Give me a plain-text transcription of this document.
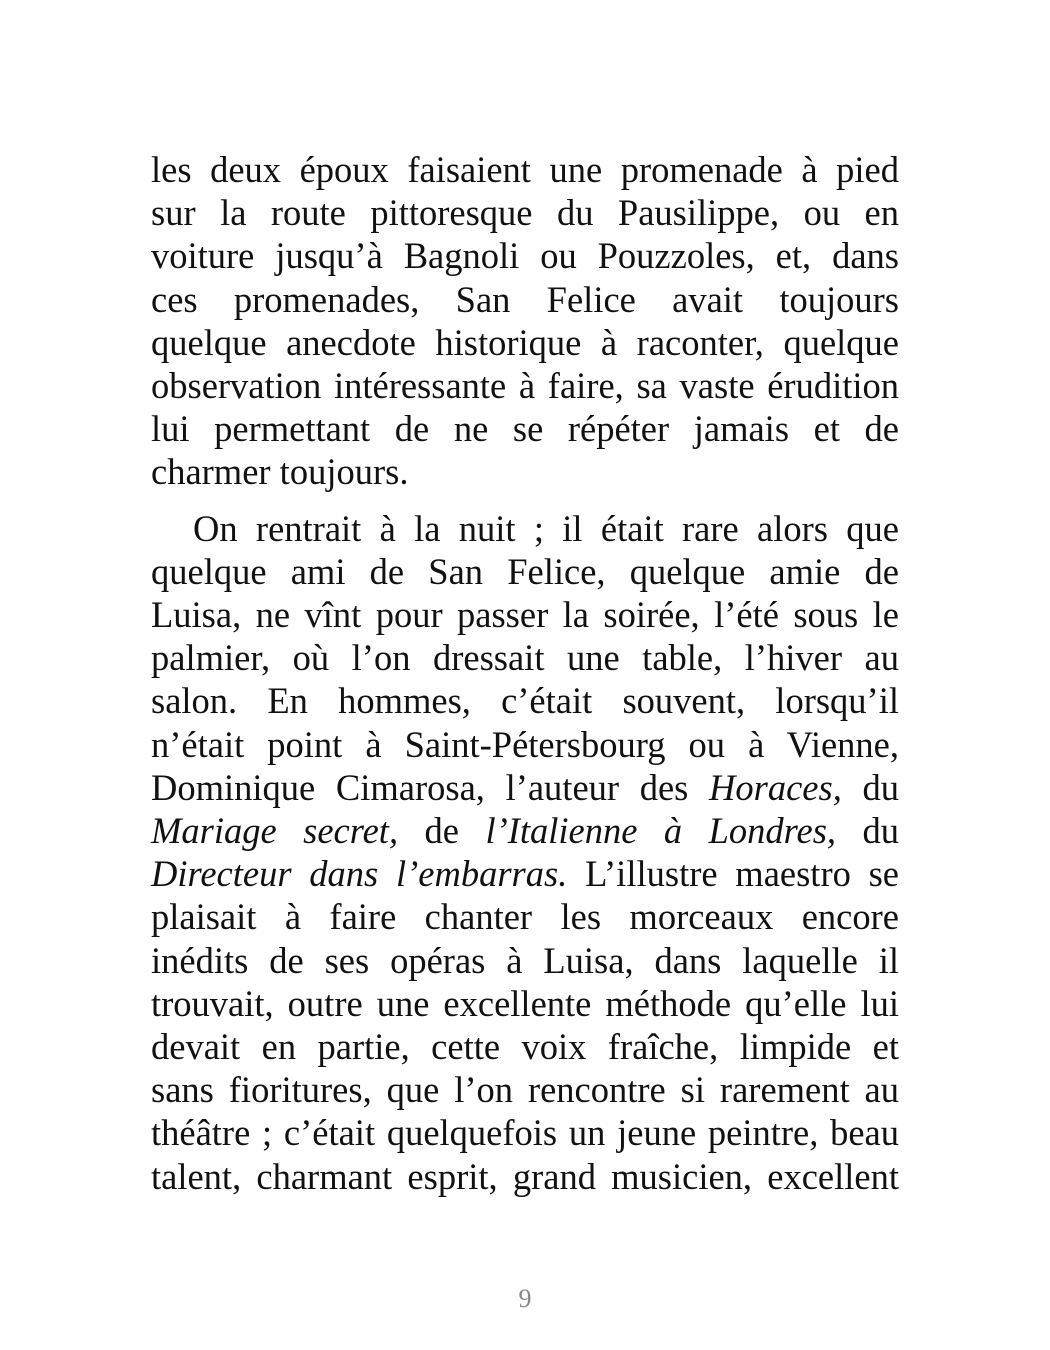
les deux époux faisaient une promenade à pied
sur la route pittoresque du Pausilippe, ou en
voiture jusqu’à Bagnoli ou Pouzzoles, et, dans
ces promenades, San Felice avait toujours
quelque anecdote historique à raconter, quelque
observation intéressante à faire, sa vaste érudition
lui permettant de ne se répéter jamais et de
charmer toujours.

On rentrait à la nuit ; il était rare alors que
quelque ami de San Felice, quelque amie de
Luisa, ne vînt pour passer la soirée, l’été sous le
palmier, où l’on dressait une table, l’hiver au
salon. En hommes, c’était souvent, lorsqu’il
n’était point à Saint-Pétersbourg ou à Vienne,
Dominique Cimarosa, l’auteur des Horaces, du
Mariage secret, de l’Italienne à Londres, du
Directeur dans l’embarras. L’illustre maestro se
plaisait à faire chanter les morceaux encore
inédits de ses opéras à Luisa, dans laquelle il
trouvait, outre une excellente méthode qu’elle lui
devait en partie, cette voix fraîche, limpide et
sans fioritures, que l’on rencontre si rarement au
théâtre ; c’était quelquefois un jeune peintre, beau
talent, charmant esprit, grand musicien, excellent

9
